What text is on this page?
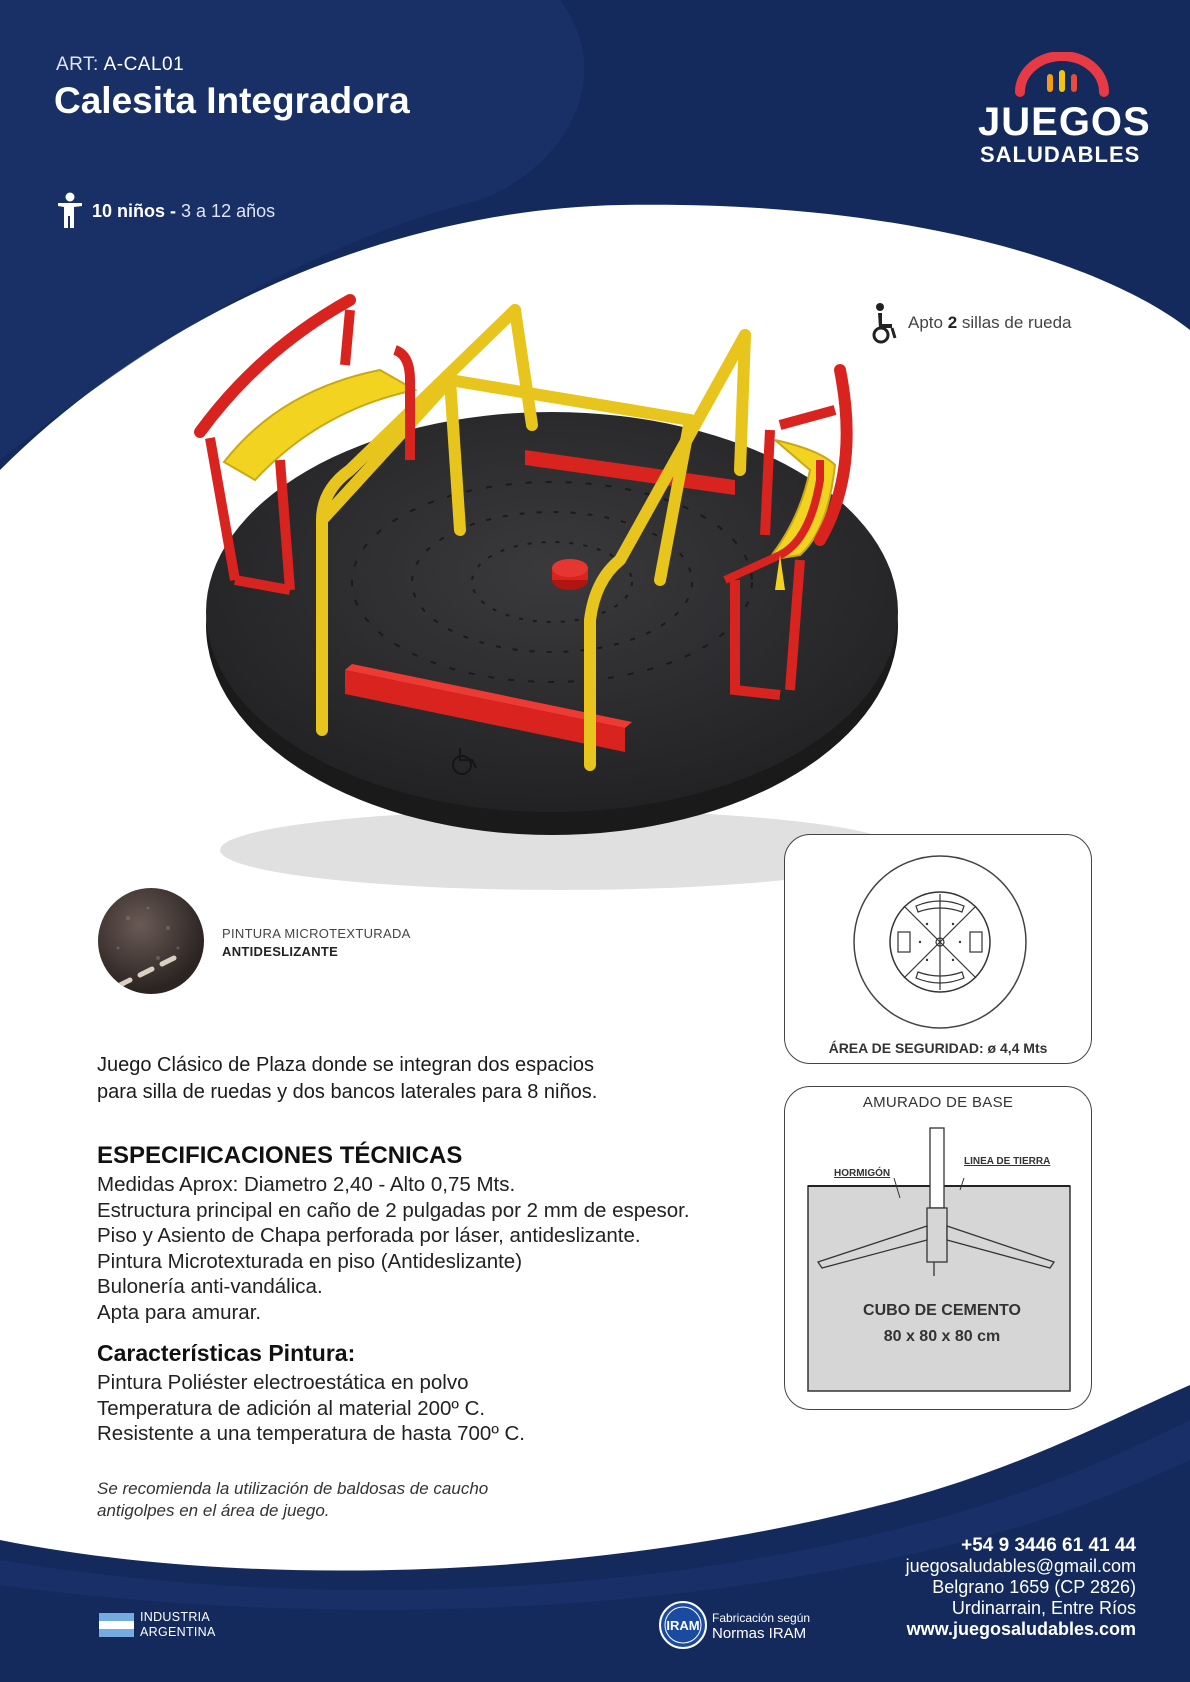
ART: A-CAL01
Calesita Integradora
10 niños - 3 a 12 años
JUEGOS
SALUDABLES
Apto 2 sillas de rueda
PINTURA MICROTEXTURADA
ANTIDESLIZANTE
Juego Clásico de Plaza donde se integran dos espacios
para silla de ruedas y dos bancos laterales para 8 niños.
ESPECIFICACIONES TÉCNICAS
Medidas Aprox: Diametro 2,40 - Alto 0,75 Mts.
Estructura principal en caño de 2 pulgadas por 2 mm de espesor.
Piso y Asiento de Chapa perforada por láser, antideslizante.
Pintura Microtexturada en piso (Antideslizante)
Bulonería anti-vandálica.
Apta para amurar.
Características Pintura:
Pintura Poliéster electroestática en polvo
Temperatura de adición al material 200º C.
Resistente a una temperatura de hasta 700º C.
Se recomienda la utilización de baldosas de caucho
antigolpes en el área de juego.
ÁREA DE SEGURIDAD: ø 4,4 Mts
AMURADO DE BASE
HORMIGÓN
LINEA DE TIERRA
CUBO DE CEMENTO
80 x 80 x 80 cm
+54 9 3446 61 41 44
juegosaludables@gmail.com
Belgrano 1659 (CP 2826)
Urdinarrain, Entre Ríos
www.juegosaludables.com
INDUSTRIA
ARGENTINA	IRAM Fabricación según
Normas IRAM
